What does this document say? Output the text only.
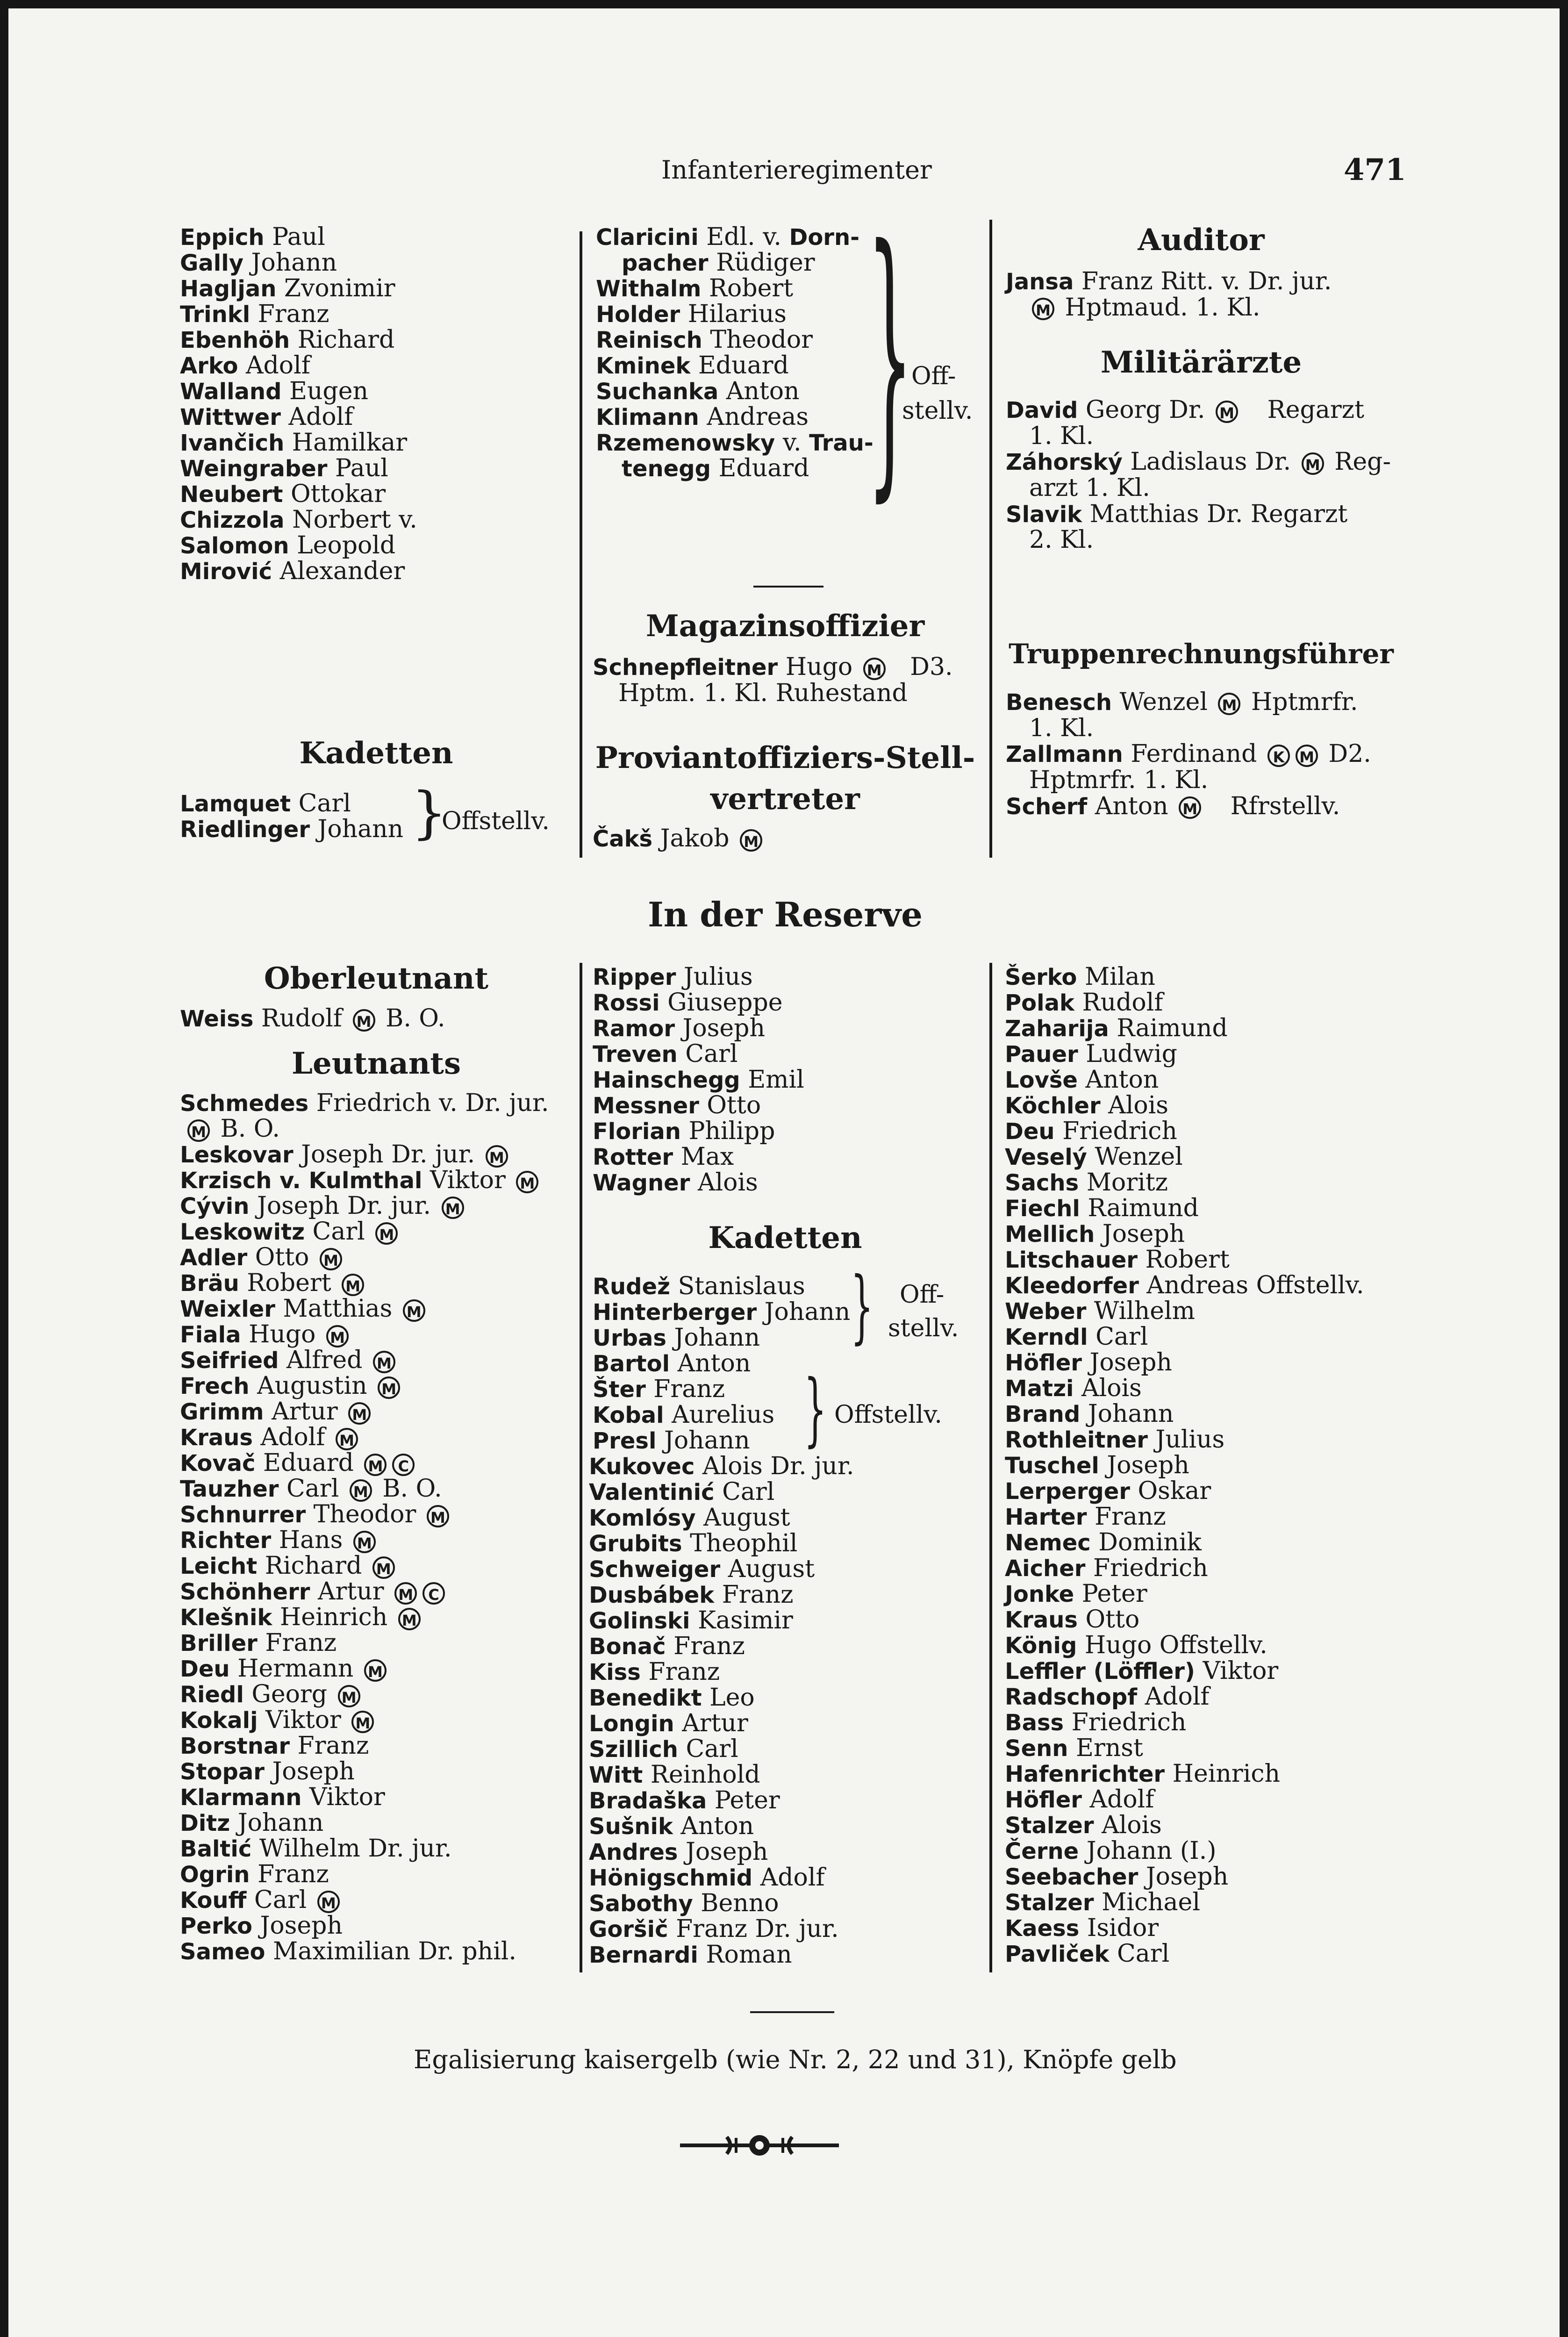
Infanterieregimenter	471
Eppich Paul
Gally Johann
Hagljan Zvonimir
Trinkl Franz
Ebenhöh Richard
Arko Adolf
Walland Eugen
Wittwer Adolf
Ivančich Hamilkar
Weingraber Paul
Neubert Ottokar
Chizzola Norbert v.
Salomon Leopold
Mirović Alexander
Kadetten
Lamquet Carl
Riedlinger Johann }
Offstellv.
Claricini Edl. v. Dorn-
pacher Rüdiger
Withalm Robert
Holder Hilarius
Reinisch Theodor
Kminek Eduard
Suchanka Anton
Klimann Andreas
Rzemenowsky v. Trau-
tenegg Eduard }
Off-
stellv.
Magazinsoffizier
Schnepfleitner Hugo M D3.
Hptm. 1. Kl. Ruhestand
Proviantoffiziers-Stell-
vertreter
Čakš Jakob M
Auditor
Jansa Franz Ritt. v. Dr. jur.
M Hptmaud. 1. Kl.
Militärärzte
David Georg Dr. M Regarzt
1. Kl.
Záhorský Ladislaus Dr. M Reg-
arzt 1. Kl.
Slavik Matthias Dr. Regarzt
2. Kl.
Truppenrechnungsführer
Benesch Wenzel M Hptmrfr.
1. Kl.
Zallmann Ferdinand K M D2.
Hptmrfr. 1. Kl.
Scherf Anton M Rfrstellv.
In der Reserve
Oberleutnant
Weiss Rudolf M B. O.
Leutnants
Schmedes Friedrich v. Dr. jur.
M B. O.
Leskovar Joseph Dr. jur. M
Krzisch v. Kulmthal Viktor M
Cývin Joseph Dr. jur. M
Leskowitz Carl M
Adler Otto M
Bräu Robert M
Weixler Matthias M
Fiala Hugo M
Seifried Alfred M
Frech Augustin M
Grimm Artur M
Kraus Adolf M
Kovač Eduard M C
Tauzher Carl M B. O.
Schnurrer Theodor M
Richter Hans M
Leicht Richard M
Schönherr Artur M C
Klešnik Heinrich M
Briller Franz
Deu Hermann M
Riedl Georg M
Kokalj Viktor M
Borstnar Franz
Stopar Joseph
Klarmann Viktor
Ditz Johann
Baltić Wilhelm Dr. jur.
Ogrin Franz
Kouff Carl M
Perko Joseph
Sameo Maximilian Dr. phil.
Ripper Julius
Rossi Giuseppe
Ramor Joseph
Treven Carl
Hainschegg Emil
Messner Otto
Florian Philipp
Rotter Max
Wagner Alois
Kadetten
Rudež Stanislaus
Hinterberger Johann
Urbas Johann	} Off-
stellv.
Bartol Anton
Šter Franz
Kobal Aurelius
Presl Johann } Offstellv.
Kukovec Alois Dr. jur.
Valentinić Carl
Komlósy August
Grubits Theophil
Schweiger August
Dusbábek Franz
Golinski Kasimir
Bonač Franz
Kiss Franz
Benedikt Leo
Longin Artur
Szillich Carl
Witt Reinhold
Bradaška Peter
Sušnik Anton
Andres Joseph
Hönigschmid Adolf
Sabothy Benno
Goršič Franz Dr. jur.
Bernardi Roman
Šerko Milan
Polak Rudolf
Zaharija Raimund
Pauer Ludwig
Lovše Anton
Köchler Alois
Deu Friedrich
Veselý Wenzel
Sachs Moritz
Fiechl Raimund
Mellich Joseph
Litschauer Robert
Kleedorfer Andreas Offstellv.
Weber Wilhelm
Kerndl Carl
Höfler Joseph
Matzi Alois
Brand Johann
Rothleitner Julius
Tuschel Joseph
Lerperger Oskar
Harter Franz
Nemec Dominik
Aicher Friedrich
Jonke Peter
Kraus Otto
König Hugo Offstellv.
Leffler (Löffler) Viktor
Radschopf Adolf
Bass Friedrich
Senn Ernst
Hafenrichter Heinrich
Höfler Adolf
Stalzer Alois
Černe Johann (I.)
Seebacher Joseph
Stalzer Michael
Kaess Isidor
Pavliček Carl
Egalisierung kaisergelb (wie Nr. 2, 22 und 31), Knöpfe gelb
